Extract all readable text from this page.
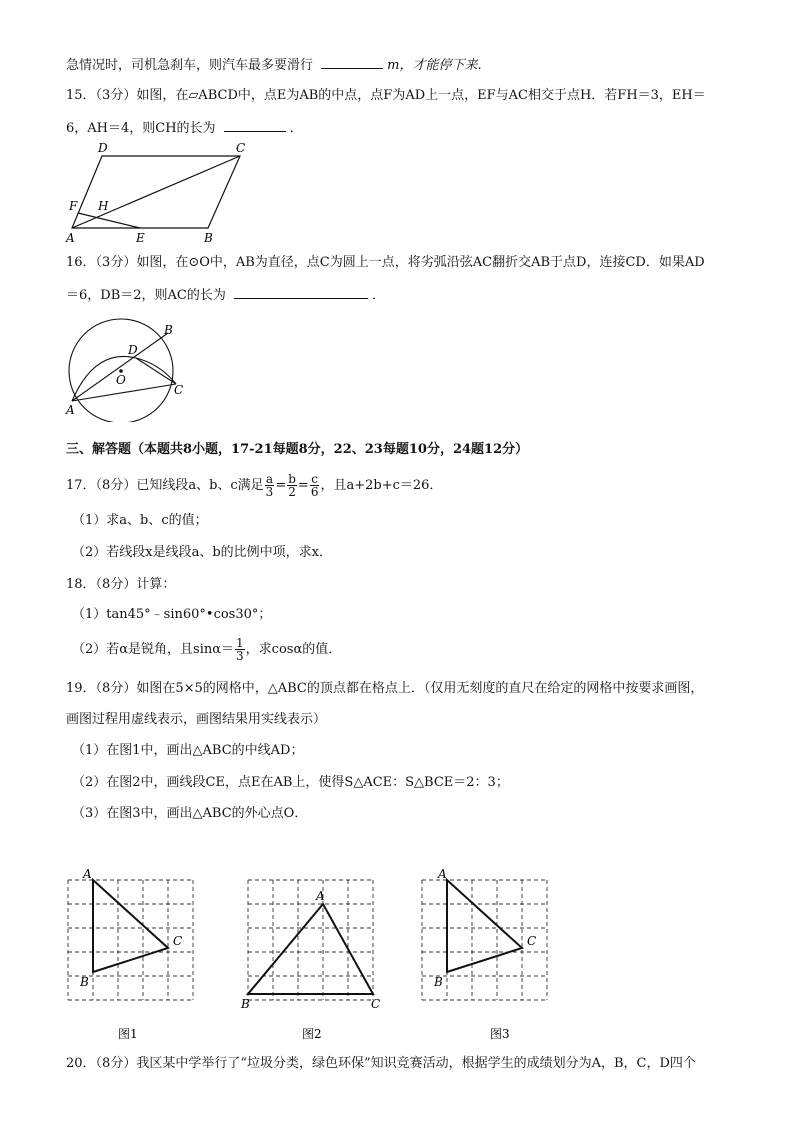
急情况时，司机急刹车，则汽车最多要滑行	m，才能停下来.
15．（3分）如图，在▱ABCD中，点E为AB的中点，点F为AD上一点，EF与AC相交于点H．若FH＝3，EH＝
6，AH＝4，则CH的长为	．
D	C
F H
A	E	B
16．（3分）如图，在⊙O中，AB为直径，点C为圆上一点，将劣弧沿弦AC翻折交AB于点D，连接CD．如果AD
＝6，DB＝2，则AC的长为	．
B
D
O
C
A
三、解答题（本题共8小题，17-21每题8分，22、23每题10分，24题12分）
17．（8分）已知线段a、b、c满足 $\frac{a}{3} = \frac{b}{2} = \frac{c}{6}$ ，且a+2b+c＝26．
（1）求a、b、c的值；
（2）若线段x是线段a、b的比例中项，求x．
18．（8分）计算：
（1）tan45°﹣sin60°•cos30°；
（2）若α是锐角，且$\sin\alpha= \frac{1}{3}$ ，求cosα的值．
19．（8分）如图在5×5的网格中，△ABC的顶点都在格点上．（仅用无刻度的直尺在给定的网格中按要求画图，
画图过程用虚线表示，画图结果用实线表示）
（1）在图1中，画出△ABC的中线AD；
（2）在图2中，画线段CE，点E在AB上，使得S△ACE：S△BCE＝2：3；
（3）在图3中，画出△ABC的外心点O．
A
B
C
A
B	C
A
B
C
图1	图2	图3
20．（8分）我区某中学举行了“垃圾分类，绿色环保”知识竞赛活动，根据学生的成绩划分为A，B，C，D四个
